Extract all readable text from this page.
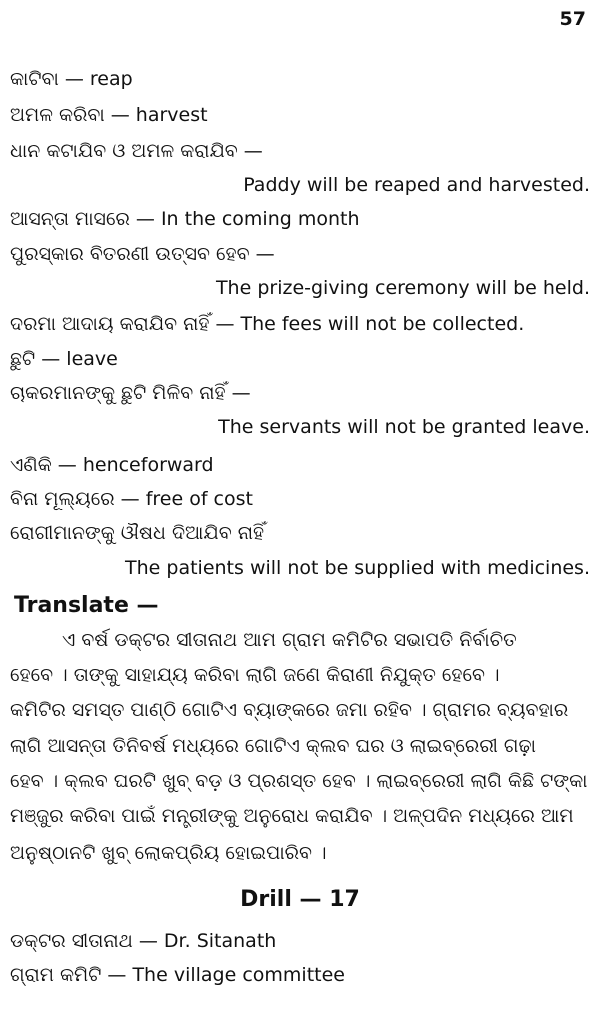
57
କାଟିବା — reap
ଅମଳ କରିବା — harvest
ଧାନ କଟାଯିବ ଓ ଅମଳ କରାଯିବ —
Paddy will be reaped and harvested.
ଆସନ୍ତା ମାସରେ — In the coming month
ପୁରସ୍କାର ବିତରଣୀ ଉତ୍ସବ ହେବ —
The prize-giving ceremony will be held.
ଦରମା ଆଦାୟ କରାଯିବ ନାହିଁ — The fees will not be collected.
ଛୁଟି — leave
ଚାକରମାନଙ୍କୁ ଛୁଟି ମିଳିବ ନାହିଁ —
The servants will not be granted leave.
ଏଣିକି — henceforward
ବିନା ମୂଲ୍ୟରେ — free of cost
ରୋଗୀମାନଙ୍କୁ ଔଷଧ ଦିଆଯିବ ନାହିଁ
The patients will not be supplied with medicines.
Translate —
ଏ ବର୍ଷ ଡକ୍ଟର ସୀତାନାଥ ଆମ ଗ୍ରାମ କମିଟିର ସଭାପତି ନିର୍ବାଚିତ
ହେବେ । ତାଙ୍କୁ ସାହାଯ୍ୟ କରିବା ଲାଗି ଜଣେ କିରାଣୀ ନିଯୁକ୍ତ ହେବେ ।
କମିଟିର ସମସ୍ତ ପାଣ୍ଠି ଗୋଟିଏ ବ୍ୟାଙ୍କରେ ଜମା ରହିବ । ଗ୍ରାମର ବ୍ୟବହାର
ଲାଗି ଆସନ୍ତା ତିନିବର୍ଷ ମଧ୍ୟରେ ଗୋଟିଏ କ୍ଲବ ଘର ଓ ଲାଇବ୍ରେରୀ ଗଢ଼ା
ହେବ । କ୍ଲବ ଘରଟି ଖୁବ୍ ବଡ଼ ଓ ପ୍ରଶସ୍ତ ହେବ । ଲାଇବ୍ରେରୀ ଲାଗି କିଛି ଟଙ୍କା
ମଞ୍ଜୁର କରିବା ପାଇଁ ମନ୍ତ୍ରୀଙ୍କୁ ଅନୁରୋଧ କରାଯିବ । ଅଳ୍ପଦିନ ମଧ୍ୟରେ ଆମ
ଅନୁଷ୍ଠାନଟି ଖୁବ୍ ଲୋକପ୍ରିୟ ହୋଇପାରିବ ।
Drill — 17
ଡକ୍ଟର ସୀତାନାଥ — Dr. Sitanath
ଗ୍ରାମ କମିଟି — The village committee
